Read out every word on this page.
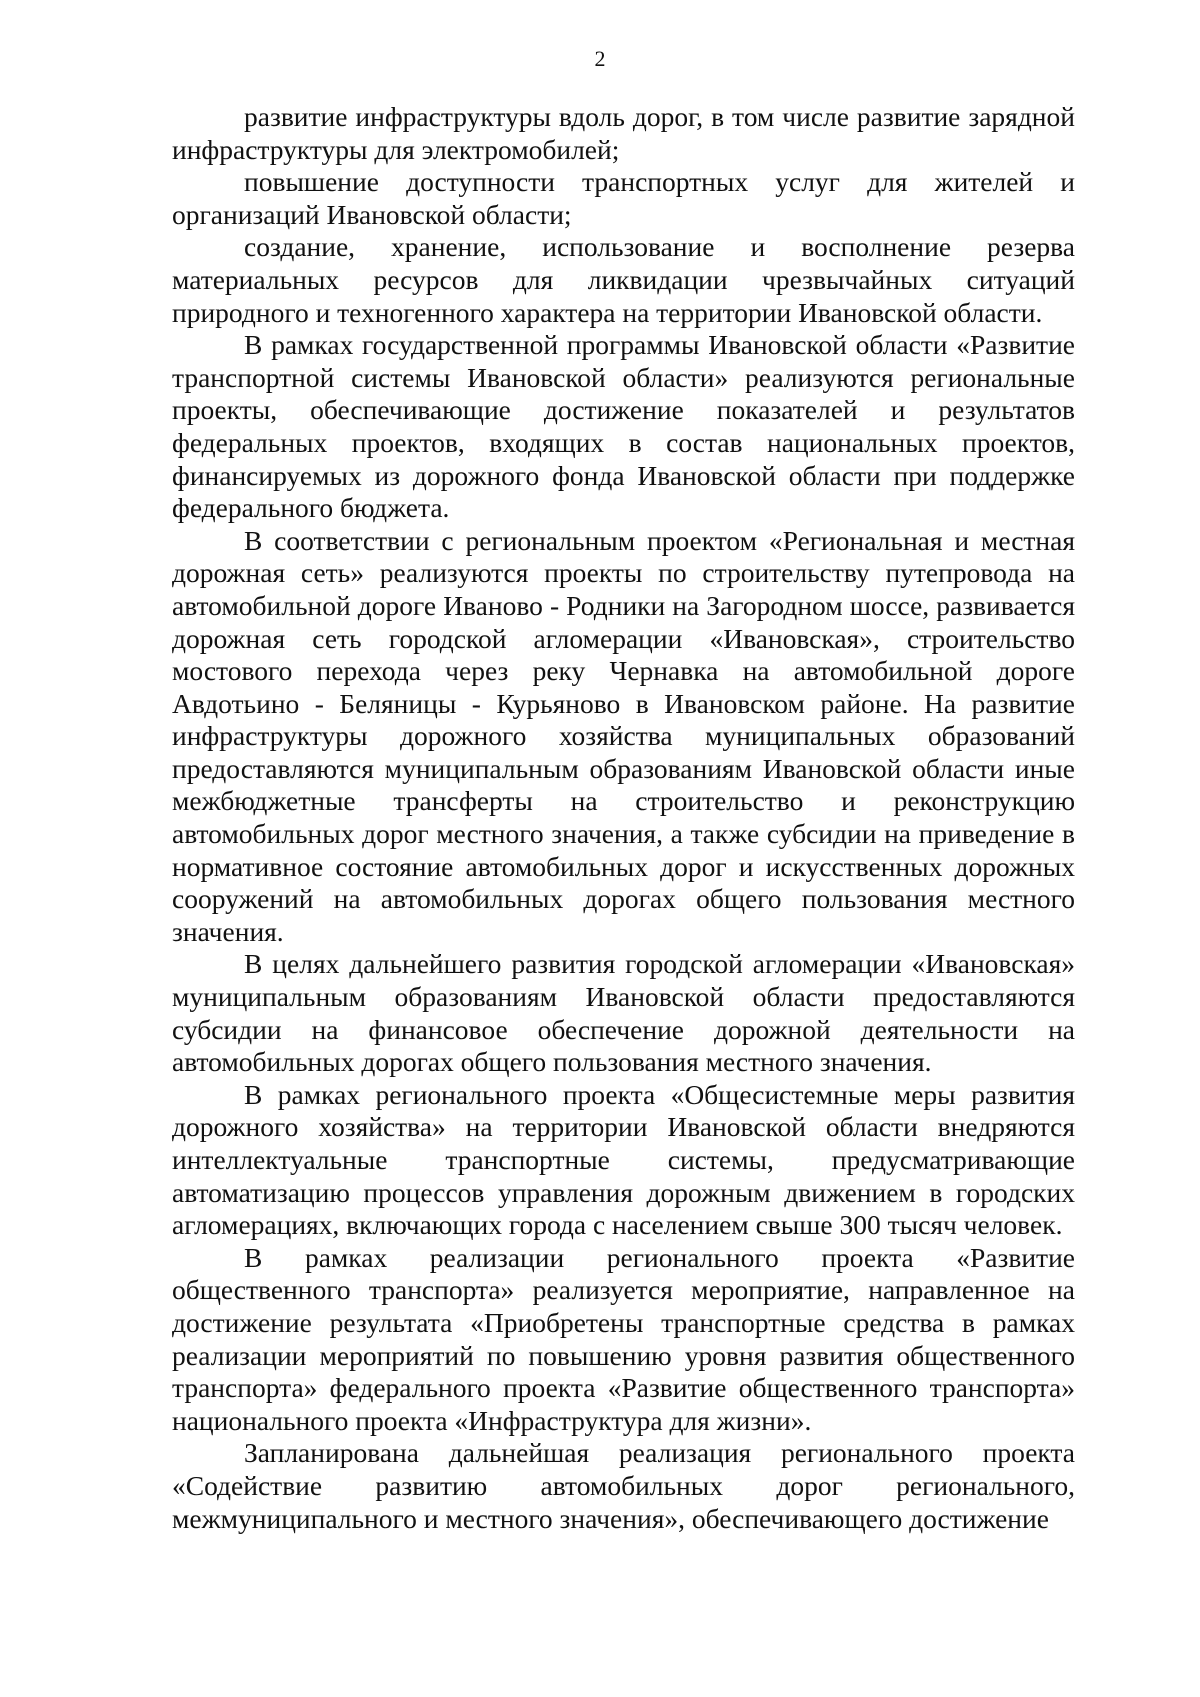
2

развитие инфраструктуры вдоль дорог, в том числе развитие зарядной инфраструктуры для электромобилей;

повышение доступности транспортных услуг для жителей и организаций Ивановской области;

создание, хранение, использование и восполнение резерва материальных ресурсов для ликвидации чрезвычайных ситуаций природного и техногенного характера на территории Ивановской области.

В рамках государственной программы Ивановской области «Развитие транспортной системы Ивановской области» реализуются региональные проекты, обеспечивающие достижение показателей и результатов федеральных проектов, входящих в состав национальных проектов, финансируемых из дорожного фонда Ивановской области при поддержке федерального бюджета.

В соответствии с региональным проектом «Региональная и местная дорожная сеть» реализуются проекты по строительству путепровода на автомобильной дороге Иваново - Родники на Загородном шоссе, развивается дорожная сеть городской агломерации «Ивановская», строительство мостового перехода через реку Чернавка на автомобильной дороге Авдотьино - Беляницы - Курьяново в Ивановском районе. На развитие инфраструктуры дорожного хозяйства муниципальных образований предоставляются муниципальным образованиям Ивановской области иные межбюджетные трансферты на строительство и реконструкцию автомобильных дорог местного значения, а также субсидии на приведение в нормативное состояние автомобильных дорог и искусственных дорожных сооружений на автомобильных дорогах общего пользования местного значения.

В целях дальнейшего развития городской агломерации «Ивановская» муниципальным образованиям Ивановской области предоставляются субсидии на финансовое обеспечение дорожной деятельности на автомобильных дорогах общего пользования местного значения.

В рамках регионального проекта «Общесистемные меры развития дорожного хозяйства» на территории Ивановской области внедряются интеллектуальные транспортные системы, предусматривающие автоматизацию процессов управления дорожным движением в городских агломерациях, включающих города с населением свыше 300 тысяч человек.

В рамках реализации регионального проекта «Развитие общественного транспорта» реализуется мероприятие, направленное на достижение результата «Приобретены транспортные средства в рамках реализации мероприятий по повышению уровня развития общественного транспорта» федерального проекта «Развитие общественного транспорта» национального проекта «Инфраструктура для жизни».

Запланирована дальнейшая реализация регионального проекта «Содействие развитию автомобильных дорог регионального, межмуниципального и местного значения», обеспечивающего достижение
